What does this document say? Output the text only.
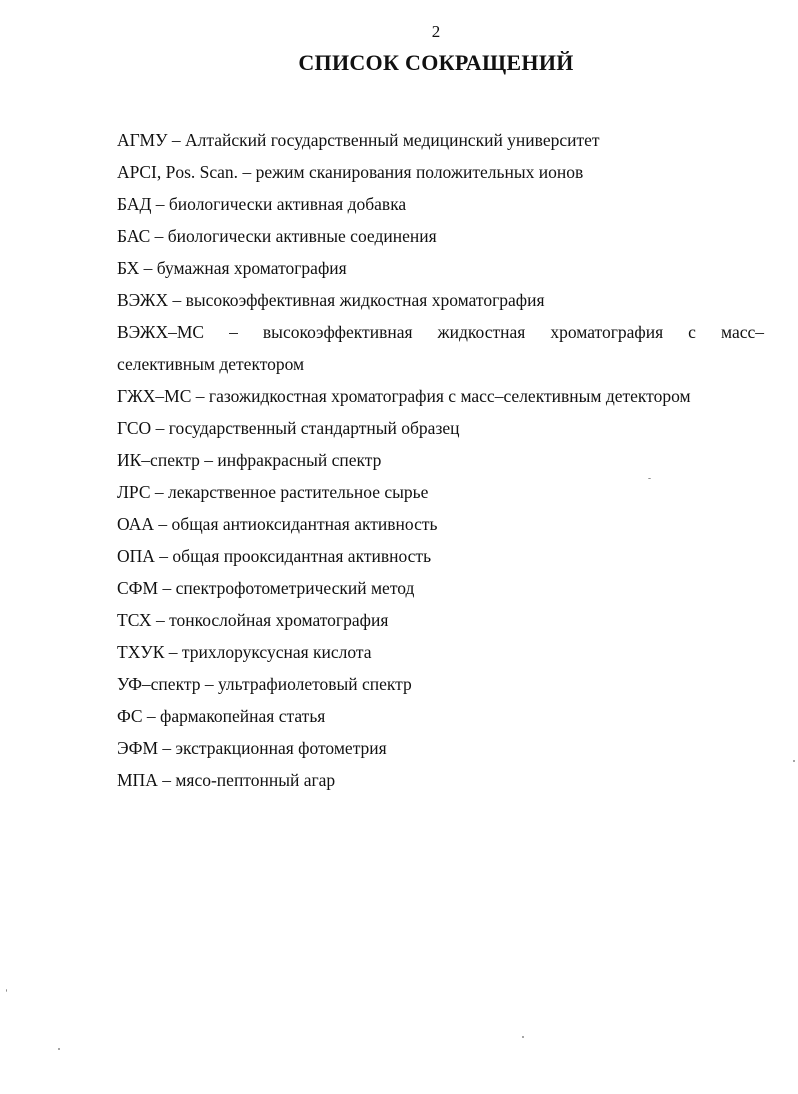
2
СПИСОК СОКРАЩЕНИЙ
АГМУ – Алтайский государственный медицинский университет
APCI, Pos. Scan. – режим сканирования положительных ионов
БАД – биологически активная добавка
БАС – биологически активные соединения
БХ – бумажная хроматография
ВЭЖХ – высокоэффективная жидкостная хроматография
ВЭЖХ–МС – высокоэффективная жидкостная хроматография с масс–
селективным детектором
ГЖХ–МС – газожидкостная хроматография с масс–селективным детектором
ГСО – государственный стандартный образец
ИК–спектр – инфракрасный спектр
ЛРС – лекарственное растительное сырье
ОАА – общая антиоксидантная активность
ОПА – общая прооксидантная активность
СФМ – спектрофотометрический метод
ТСХ – тонкослойная хроматография
ТХУК – трихлоруксусная кислота
УФ–спектр – ультрафиолетовый спектр
ФС – фармакопейная статья
ЭФМ – экстракционная фотометрия
МПА – мясо-пептонный агар
